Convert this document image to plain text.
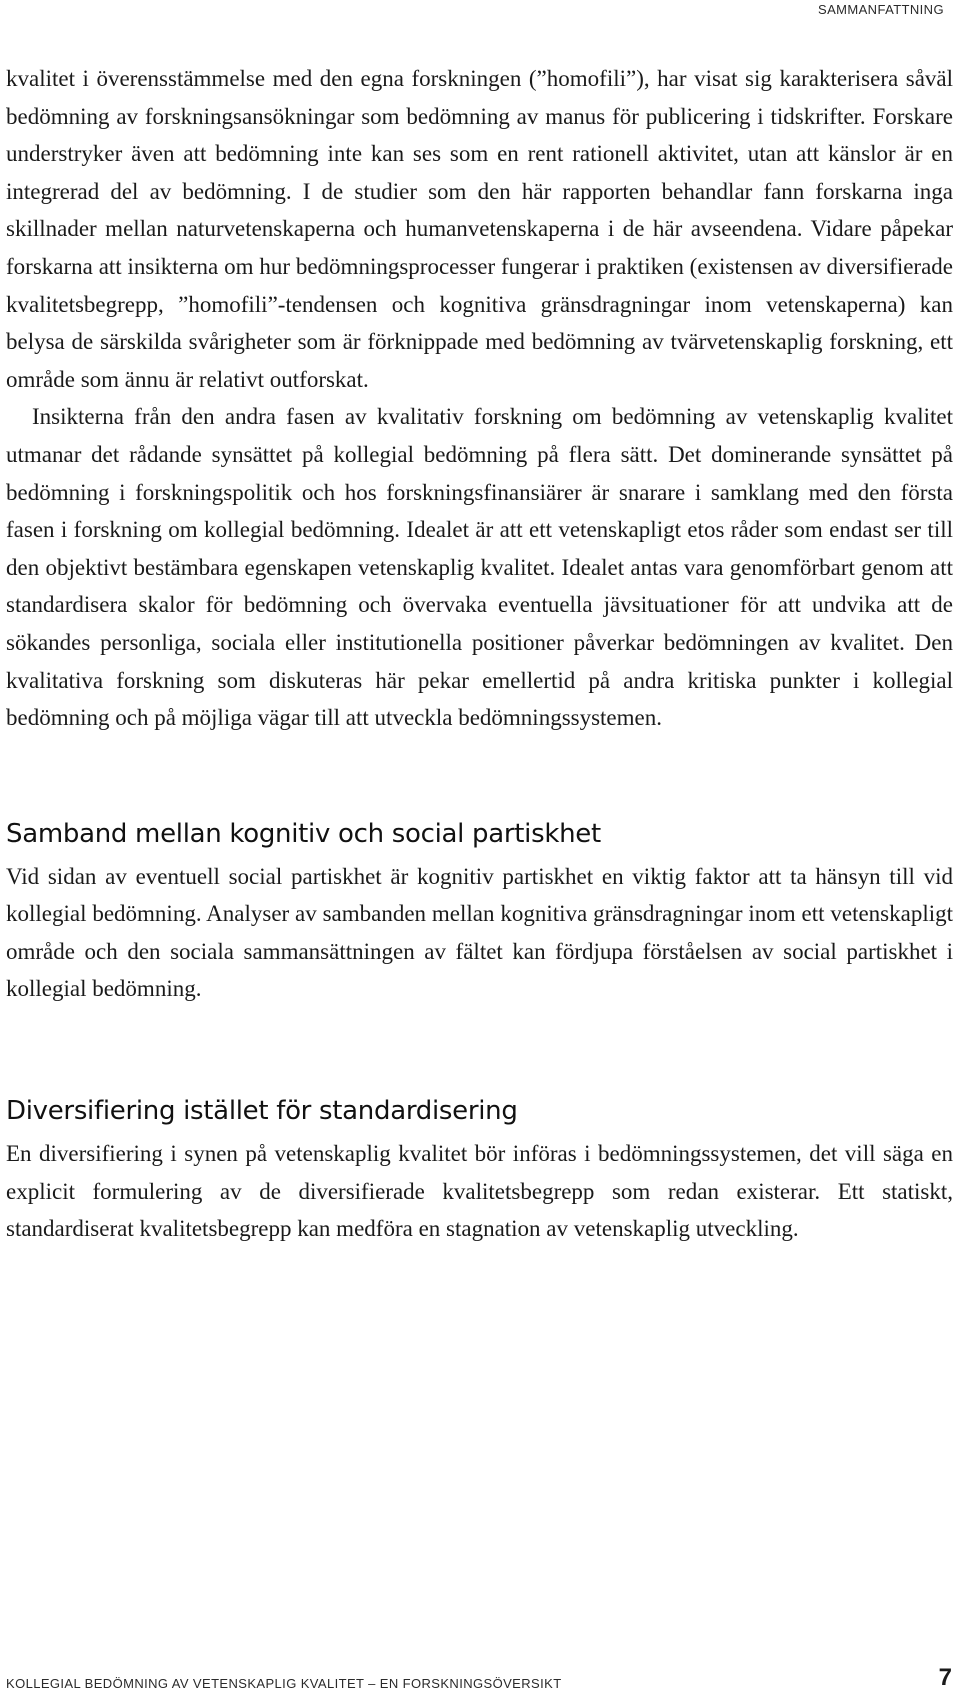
SAMMANFATTNING

kvalitet i överensstämmelse med den egna forskningen (”homofili”), har visat sig karakterisera såväl bedömning av forskningsansökningar som bedömning av manus för publicering i tidskrifter. Forskare understryker även att bedömning inte kan ses som en rent rationell aktivitet, utan att känslor är en integrerad del av bedömning. I de studier som den här rapporten behandlar fann forskarna inga skillnader mellan naturvetenskaperna och humanvetenskaperna i de här avseendena. Vidare påpekar forskarna att insikterna om hur bedömningsprocesser fungerar i praktiken (existensen av diversifierade kvalitetsbegrepp, ”homofili”-tendensen och kognitiva gränsdragningar inom vetenskaperna) kan belysa de särskilda svårigheter som är förknippade med bedömning av tvärvetenskaplig forskning, ett område som ännu är relativt outforskat.

Insikterna från den andra fasen av kvalitativ forskning om bedömning av vetenskaplig kvalitet utmanar det rådande synsättet på kollegial bedömning på flera sätt. Det dominerande synsättet på bedömning i forskningspolitik och hos forskningsfinansiärer är snarare i samklang med den första fasen i forskning om kollegial bedömning. Idealet är att ett vetenskapligt etos råder som endast ser till den objektivt bestämbara egenskapen vetenskaplig kvalitet. Idealet antas vara genomförbart genom att standardisera skalor för bedömning och övervaka eventuella jävsituationer för att undvika att de sökandes personliga, sociala eller institutionella positioner påverkar bedömningen av kvalitet. Den kvalitativa forskning som diskuteras här pekar emellertid på andra kritiska punkter i kollegial bedömning och på möjliga vägar till att utveckla bedömningssystemen.

Samband mellan kognitiv och social partiskhet

Vid sidan av eventuell social partiskhet är kognitiv partiskhet en viktig faktor att ta hänsyn till vid kollegial bedömning. Analyser av sambanden mellan kognitiva gränsdragningar inom ett vetenskapligt område och den sociala sammansättningen av fältet kan fördjupa förståelsen av social partiskhet i kollegial bedömning.

Diversifiering istället för standardisering

En diversifiering i synen på vetenskaplig kvalitet bör införas i bedömningssystemen, det vill säga en explicit formulering av de diversifierade kvalitetsbegrepp som redan existerar. Ett statiskt, standardiserat kvalitetsbegrepp kan medföra en stagnation av vetenskaplig utveckling.

KOLLEGIAL BEDÖMNING AV VETENSKAPLIG KVALITET – EN FORSKNINGSÖVERSIKT	7
